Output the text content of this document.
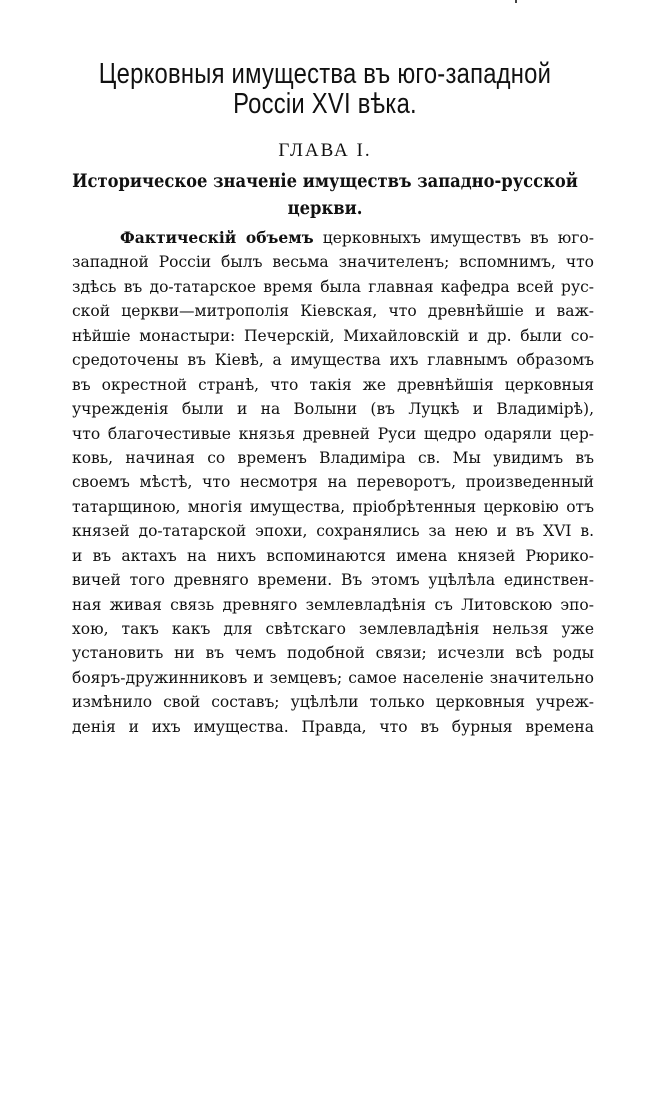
Церковныя имущества въ юго-западной
Россіи XVI вѣка.
ГЛАВА I.
Историческое значеніе имуществъ западно-русской
церкви.
Фактическій объемъ церковныхъ имуществъ въ юго-
западной Россіи былъ весьма значителенъ; вспомнимъ, что
здѣсь въ до-татарское время была главная кафедра всей рус-
ской церкви—митрополія Кіевская, что древнѣйшіе и важ-
нѣйшіе монастыри: Печерскій, Михайловскій и др. были со-
средоточены въ Кіевѣ, а имущества ихъ главнымъ образомъ
въ окрестной странѣ, что такія же древнѣйшія церковныя
учрежденія были и на Волыни (въ Луцкѣ и Владимірѣ),
что благочестивые князья древней Руси щедро одаряли цер-
ковь, начиная со временъ Владиміра св. Мы увидимъ въ
своемъ мѣстѣ, что несмотря на переворотъ, произведенный
татарщиною, многія имущества, пріобрѣтенныя церковію отъ
князей до-татарской эпохи, сохранялись за нею и въ XVI в.
и въ актахъ на нихъ вспоминаются имена князей Рюрико-
вичей того древняго времени. Въ этомъ уцѣлѣла единствен-
ная живая связь древняго землевладѣнія съ Литовскою эпо-
хою, такъ какъ для свѣтскаго землевладѣнія нельзя уже
установить ни въ чемъ подобной связи; исчезли всѣ роды
бояръ-дружинниковъ и земцевъ; самое населеніе значительно
измѣнило свой составъ; уцѣлѣли только церковныя учреж-
денія и ихъ имущества. Правда, что въ бурныя времена
